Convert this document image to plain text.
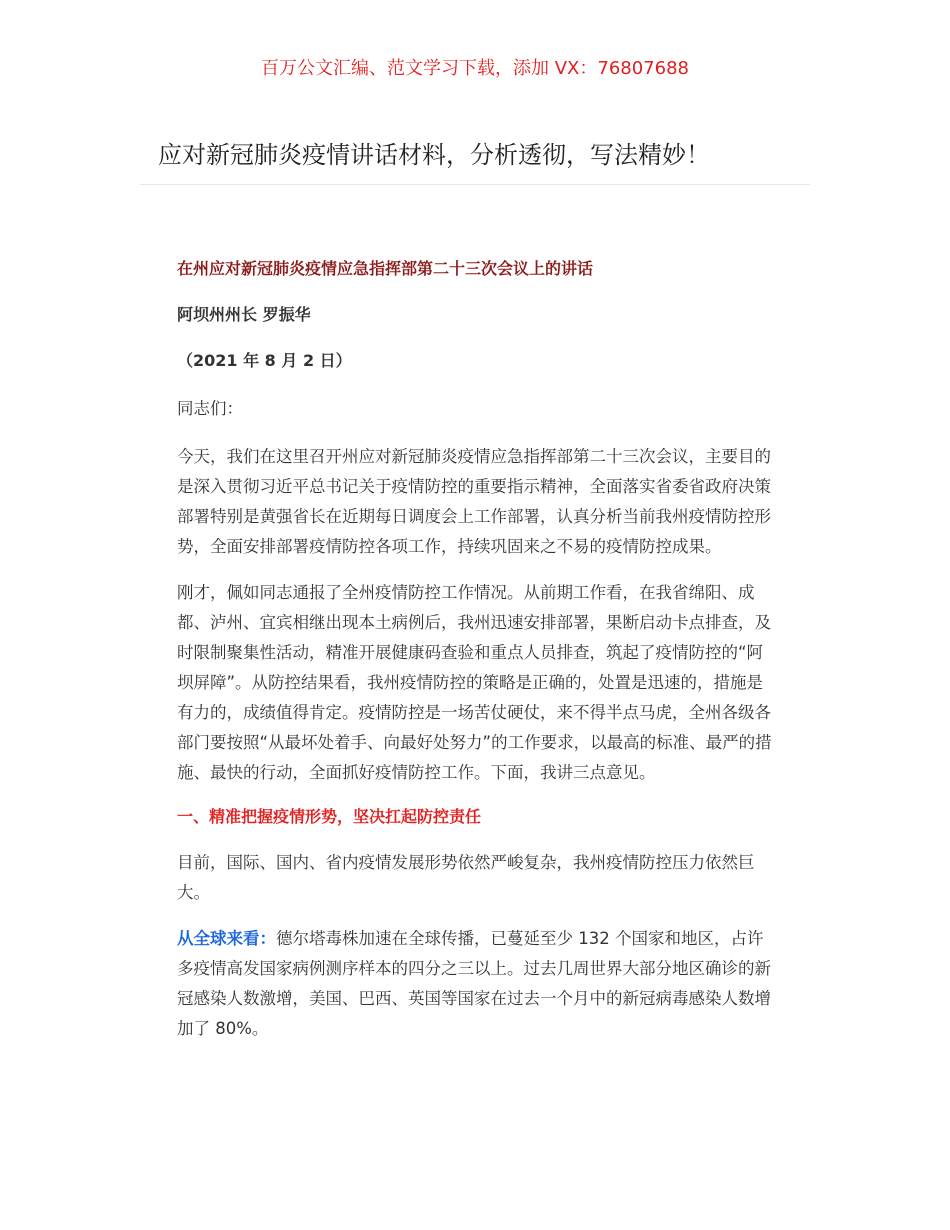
百万公文汇编、范文学习下载，添加 VX：76807688
应对新冠肺炎疫情讲话材料，分析透彻，写法精妙！

在州应对新冠肺炎疫情应急指挥部第二十三次会议上的讲话

阿坝州州长 罗振华

（2021 年 8 月 2 日）

同志们：

今天，我们在这里召开州应对新冠肺炎疫情应急指挥部第二十三次会议，主要目的是深入贯彻习近平总书记关于疫情防控的重要指示精神，全面落实省委省政府决策部署特别是黄强省长在近期每日调度会上工作部署，认真分析当前我州疫情防控形势，全面安排部署疫情防控各项工作，持续巩固来之不易的疫情防控成果。

刚才，佩如同志通报了全州疫情防控工作情况。从前期工作看，在我省绵阳、成都、泸州、宜宾相继出现本土病例后，我州迅速安排部署，果断启动卡点排查，及时限制聚集性活动，精准开展健康码查验和重点人员排查，筑起了疫情防控的“阿坝屏障”。从防控结果看，我州疫情防控的策略是正确的，处置是迅速的，措施是有力的，成绩值得肯定。疫情防控是一场苦仗硬仗，来不得半点马虎，全州各级各部门要按照“从最坏处着手、向最好处努力”的工作要求，以最高的标准、最严的措施、最快的行动，全面抓好疫情防控工作。下面，我讲三点意见。

一、精准把握疫情形势，坚决扛起防控责任

目前，国际、国内、省内疫情发展形势依然严峻复杂，我州疫情防控压力依然巨大。

从全球来看：德尔塔毒株加速在全球传播，已蔓延至少 132 个国家和地区，占许多疫情高发国家病例测序样本的四分之三以上。过去几周世界大部分地区确诊的新冠感染人数激增，美国、巴西、英国等国家在过去一个月中的新冠病毒感染人数增加了 80%。
